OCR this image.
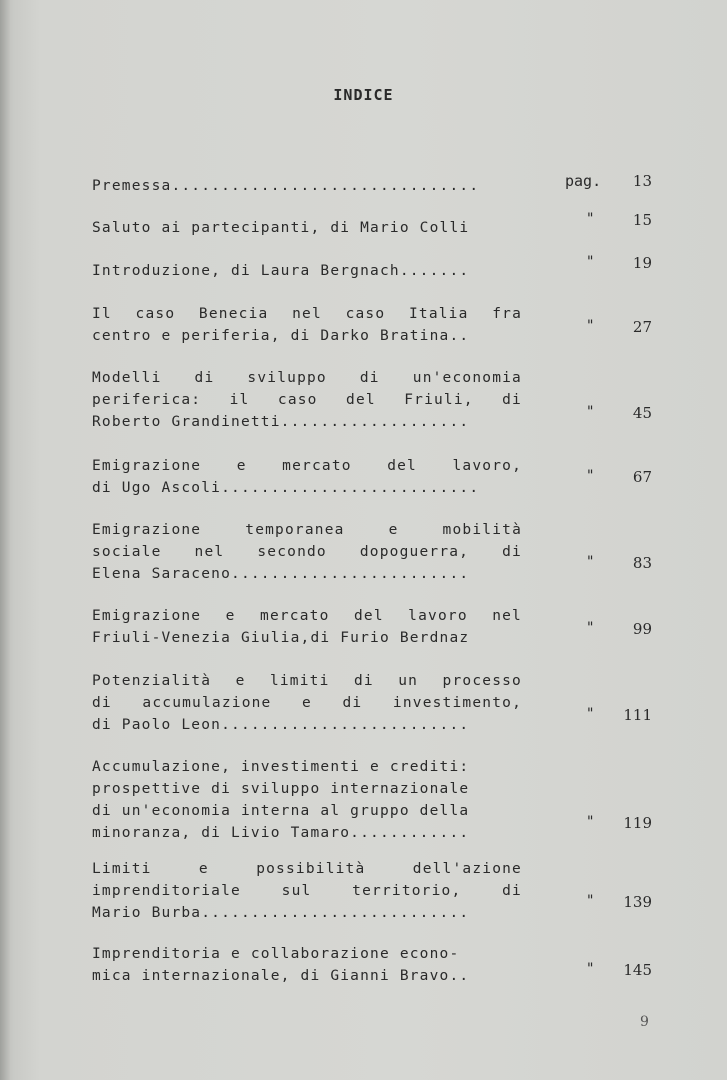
INDICE
Premessa...............................	pag.	13
Saluto ai partecipanti, di Mario Colli
"	15
Introduzione, di Laura Bergnach.......
"	19
Il caso Benecia nel caso Italia fra
centro e periferia, di Darko Bratina..
"	27
Modelli di sviluppo di un'economia
periferica: il caso del Friuli, di
Roberto Grandinetti...................
"	45
Emigrazione e mercato del lavoro,
di Ugo Ascoli..........................
"	67
Emigrazione temporanea e mobilità
sociale nel secondo dopoguerra, di
Elena Saraceno........................
"	83
Emigrazione e mercato del lavoro nel
Friuli-Venezia Giulia,di Furio Berdnaz
"	99
Potenzialità e limiti di un processo
di accumulazione e di investimento,
di Paolo Leon.........................
"	111
Accumulazione, investimenti e crediti:
prospettive di sviluppo internazionale
di un'economia interna al gruppo della
minoranza, di Livio Tamaro............
"	119
Limiti e possibilità dell'azione
imprenditoriale sul territorio, di
Mario Burba...........................
"	139
Imprenditoria e collaborazione econo-
mica internazionale, di Gianni Bravo..	"	145
9
